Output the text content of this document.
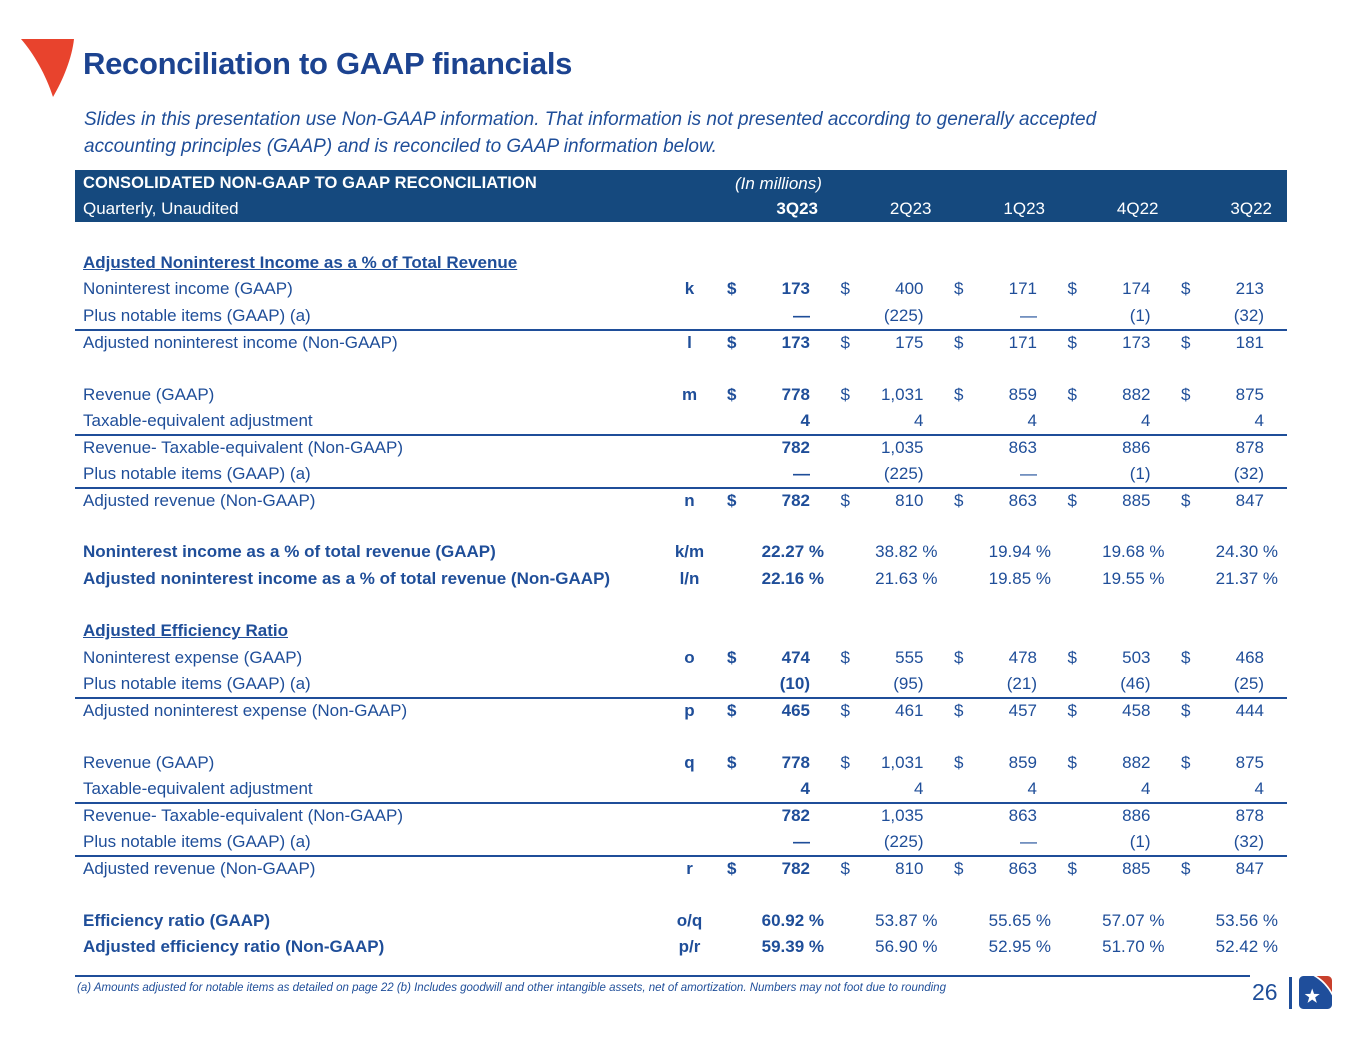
Reconciliation to GAAP financials
Slides in this presentation use Non-GAAP information. That information is not presented according to generally accepted
accounting principles (GAAP) and is reconciled to GAAP information below.
CONSOLIDATED NON-GAAP TO GAAP RECONCILIATION	(In millions)
Quarterly, Unaudited	3Q23	2Q23	1Q23	4Q22	3Q22
Adjusted Noninterest Income as a % of Total Revenue
Noninterest income (GAAP)	k	$	173 $	400 $	171 $	174 $	213
Plus notable items (GAAP) (a)	—	(225)	—	(1)	(32)
Adjusted noninterest income (Non-GAAP)	l	$	173 $	175 $	171 $	173 $	181
Revenue (GAAP)	m	$	778 $	1,031 $	859 $	882 $	875
Taxable-equivalent adjustment	4	4	4	4	4
Revenue- Taxable-equivalent (Non-GAAP)	782	1,035	863	886	878
Plus notable items (GAAP) (a)	—	(225)	—	(1)	(32)
Adjusted revenue (Non-GAAP)	n	$	782 $	810 $	863 $	885 $	847
Noninterest income as a % of total revenue (GAAP)	k/m	22.27 %	38.82 %	19.94 %	19.68 %	24.30 %
Adjusted noninterest income as a % of total revenue (Non-GAAP)	l/n	22.16 %	21.63 %	19.85 %	19.55 %	21.37 %
Adjusted Efficiency Ratio
Noninterest expense (GAAP)	o	$	474 $	555 $	478 $	503 $	468
Plus notable items (GAAP) (a)	(10)	(95)	(21)	(46)	(25)
Adjusted noninterest expense (Non-GAAP)	p	$	465 $	461 $	457 $	458 $	444
Revenue (GAAP)	q	$	778 $	1,031 $	859 $	882 $	875
Taxable-equivalent adjustment	4	4	4	4	4
Revenue- Taxable-equivalent (Non-GAAP)	782	1,035	863	886	878
Plus notable items (GAAP) (a)	—	(225)	—	(1)	(32)
Adjusted revenue (Non-GAAP)	r	$	782 $	810 $	863 $	885 $	847
Efficiency ratio (GAAP)	o/q	60.92 %	53.87 %	55.65 %	57.07 %	53.56 %
Adjusted efficiency ratio (Non-GAAP)	p/r	59.39 %	56.90 %	52.95 %	51.70 %	52.42 %
(a) Amounts adjusted for notable items as detailed on page 22 (b) Includes goodwill and other intangible assets, net of amortization. Numbers may not foot due to rounding	26
